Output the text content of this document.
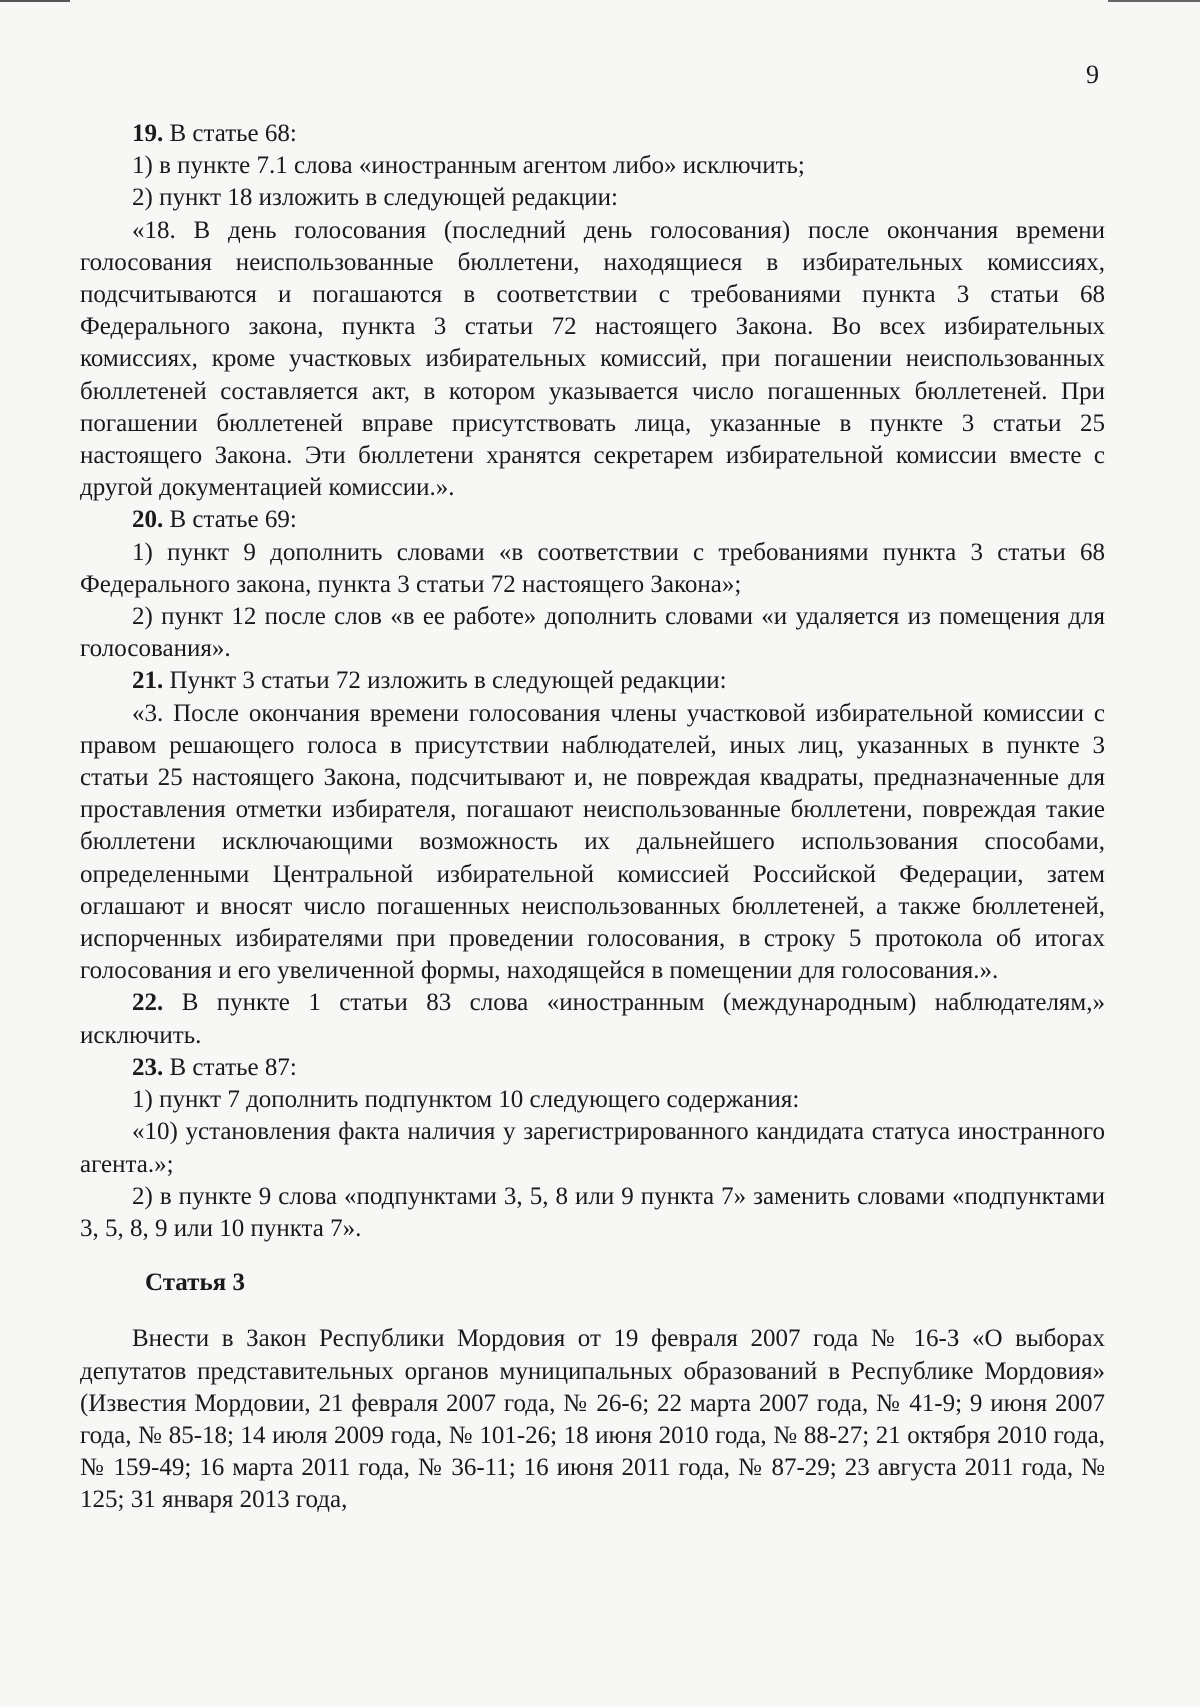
9

19. В статье 68:

1) в пункте 7.1 слова «иностранным агентом либо» исключить;

2) пункт 18 изложить в следующей редакции:

«18. В день голосования (последний день голосования) после окончания времени голосования неиспользованные бюллетени, находящиеся в избирательных комиссиях, подсчитываются и погашаются в соответствии с требованиями пункта 3 статьи 68 Федерального закона, пункта 3 статьи 72 настоящего Закона. Во всех избирательных комиссиях, кроме участковых избирательных комиссий, при погашении неиспользованных бюллетеней составляется акт, в котором указывается число погашенных бюллетеней. При погашении бюллетеней вправе присутствовать лица, указанные в пункте 3 статьи 25 настоящего Закона. Эти бюллетени хранятся секретарем избирательной комиссии вместе с другой документацией комиссии.».

20. В статье 69:

1) пункт 9 дополнить словами «в соответствии с требованиями пункта 3 статьи 68 Федерального закона, пункта 3 статьи 72 настоящего Закона»;

2) пункт 12 после слов «в ее работе» дополнить словами «и удаляется из помещения для голосования».

21. Пункт 3 статьи 72 изложить в следующей редакции:

«3. После окончания времени голосования члены участковой избирательной комиссии с правом решающего голоса в присутствии наблюдателей, иных лиц, указанных в пункте 3 статьи 25 настоящего Закона, подсчитывают и, не повреждая квадраты, предназначенные для проставления отметки избирателя, погашают неиспользованные бюллетени, повреждая такие бюллетени исключающими возможность их дальнейшего использования способами, определенными Центральной избирательной комиссией Российской Федерации, затем оглашают и вносят число погашенных неиспользованных бюллетеней, а также бюллетеней, испорченных избирателями при проведении голосования, в строку 5 протокола об итогах голосования и его увеличенной формы, находящейся в помещении для голосования.».

22. В пункте 1 статьи 83 слова «иностранным (международным) наблюдателям,» исключить.

23. В статье 87:

1) пункт 7 дополнить подпунктом 10 следующего содержания:

«10) установления факта наличия у зарегистрированного кандидата статуса иностранного агента.»;

2) в пункте 9 слова «подпунктами 3, 5, 8 или 9 пункта 7» заменить словами «подпунктами 3, 5, 8, 9 или 10 пункта 7».

Статья 3

Внести в Закон Республики Мордовия от 19 февраля 2007 года № 16-З «О выборах депутатов представительных органов муниципальных образований в Республике Мордовия» (Известия Мордовии, 21 февраля 2007 года, № 26-6; 22 марта 2007 года, № 41-9; 9 июня 2007 года, № 85-18; 14 июля 2009 года, № 101-26; 18 июня 2010 года, № 88-27; 21 октября 2010 года, № 159-49; 16 марта 2011 года, № 36-11; 16 июня 2011 года, № 87-29; 23 августа 2011 года, № 125; 31 января 2013 года,
